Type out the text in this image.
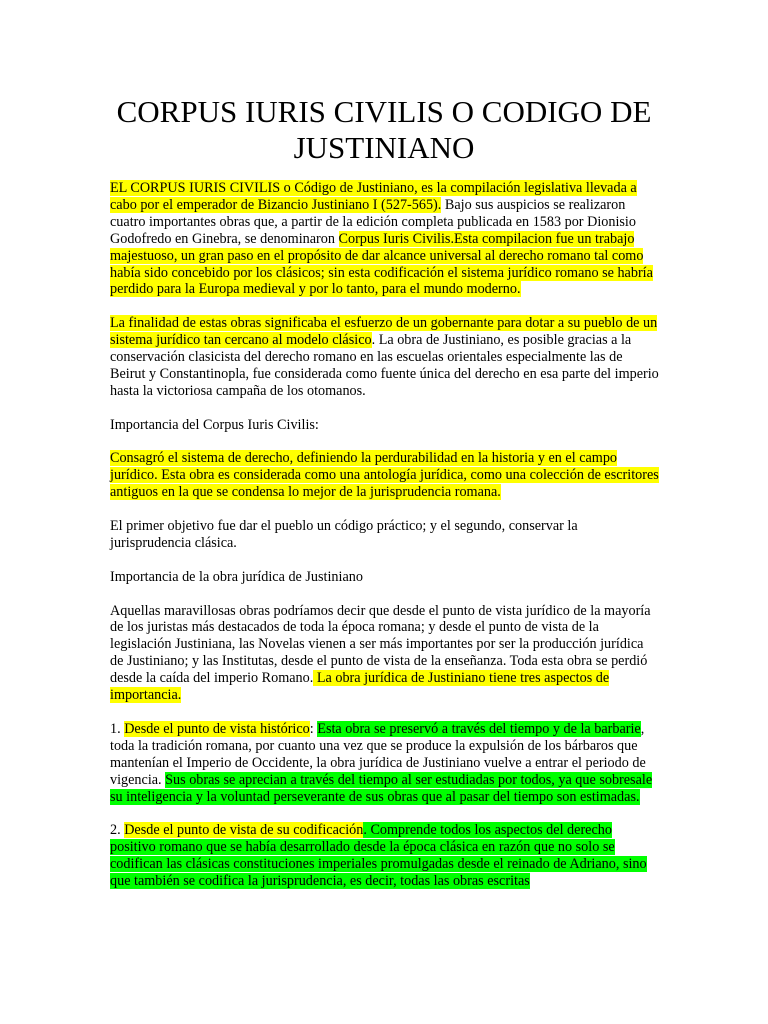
CORPUS IURIS CIVILIS O CODIGO DE JUSTINIANO

EL CORPUS IURIS CIVILIS o Código de Justiniano, es la compilación legislativa llevada a cabo por el emperador de Bizancio Justiniano I (527-565). Bajo sus auspicios se realizaron cuatro importantes obras que, a partir de la edición completa publicada en 1583 por Dionisio Godofredo en Ginebra, se denominaron Corpus Iuris Civilis.Esta compilacion fue un trabajo majestuoso, un gran paso en el propósito de dar alcance universal al derecho romano tal como había sido concebido por los clásicos; sin esta codificación el sistema jurídico romano se habría perdido para la Europa medieval y por lo tanto, para el mundo moderno.

La finalidad de estas obras significaba el esfuerzo de un gobernante para dotar a su pueblo de un sistema jurídico tan cercano al modelo clásico. La obra de Justiniano, es posible gracias a la conservación clasicista del derecho romano en las escuelas orientales especialmente las de Beirut y Constantinopla, fue considerada como fuente única del derecho en esa parte del imperio hasta la victoriosa campaña de los otomanos.

Importancia del Corpus Iuris Civilis:

Consagró el sistema de derecho, definiendo la perdurabilidad en la historia y en el campo jurídico. Esta obra es considerada como una antología jurídica, como una colección de escritores antiguos en la que se condensa lo mejor de la jurisprudencia romana.

El primer objetivo fue dar el pueblo un código práctico; y el segundo, conservar la jurisprudencia clásica.

Importancia de la obra jurídica de Justiniano

Aquellas maravillosas obras podríamos decir que desde el punto de vista jurídico de la mayoría de los juristas más destacados de toda la época romana; y desde el punto de vista de la legislación Justiniana, las Novelas vienen a ser más importantes por ser la producción jurídica de Justiniano; y las Institutas, desde el punto de vista de la enseñanza. Toda esta obra se perdió desde la caída del imperio Romano. La obra jurídica de Justiniano tiene tres aspectos de importancia.

1. Desde el punto de vista histórico: Esta obra se preservó a través del tiempo y de la barbarie, toda la tradición romana, por cuanto una vez que se produce la expulsión de los bárbaros que mantenían el Imperio de Occidente, la obra jurídica de Justiniano vuelve a entrar el periodo de vigencia. Sus obras se aprecian a través del tiempo al ser estudiadas por todos, ya que sobresale su inteligencia y la voluntad perseverante de sus obras que al pasar del tiempo son estimadas.

2. Desde el punto de vista de su codificación. Comprende todos los aspectos del derecho positivo romano que se había desarrollado desde la época clásica en razón que no solo se codifican las clásicas constituciones imperiales promulgadas desde el reinado de Adriano, sino que también se codifica la jurisprudencia, es decir, todas las obras escritas
